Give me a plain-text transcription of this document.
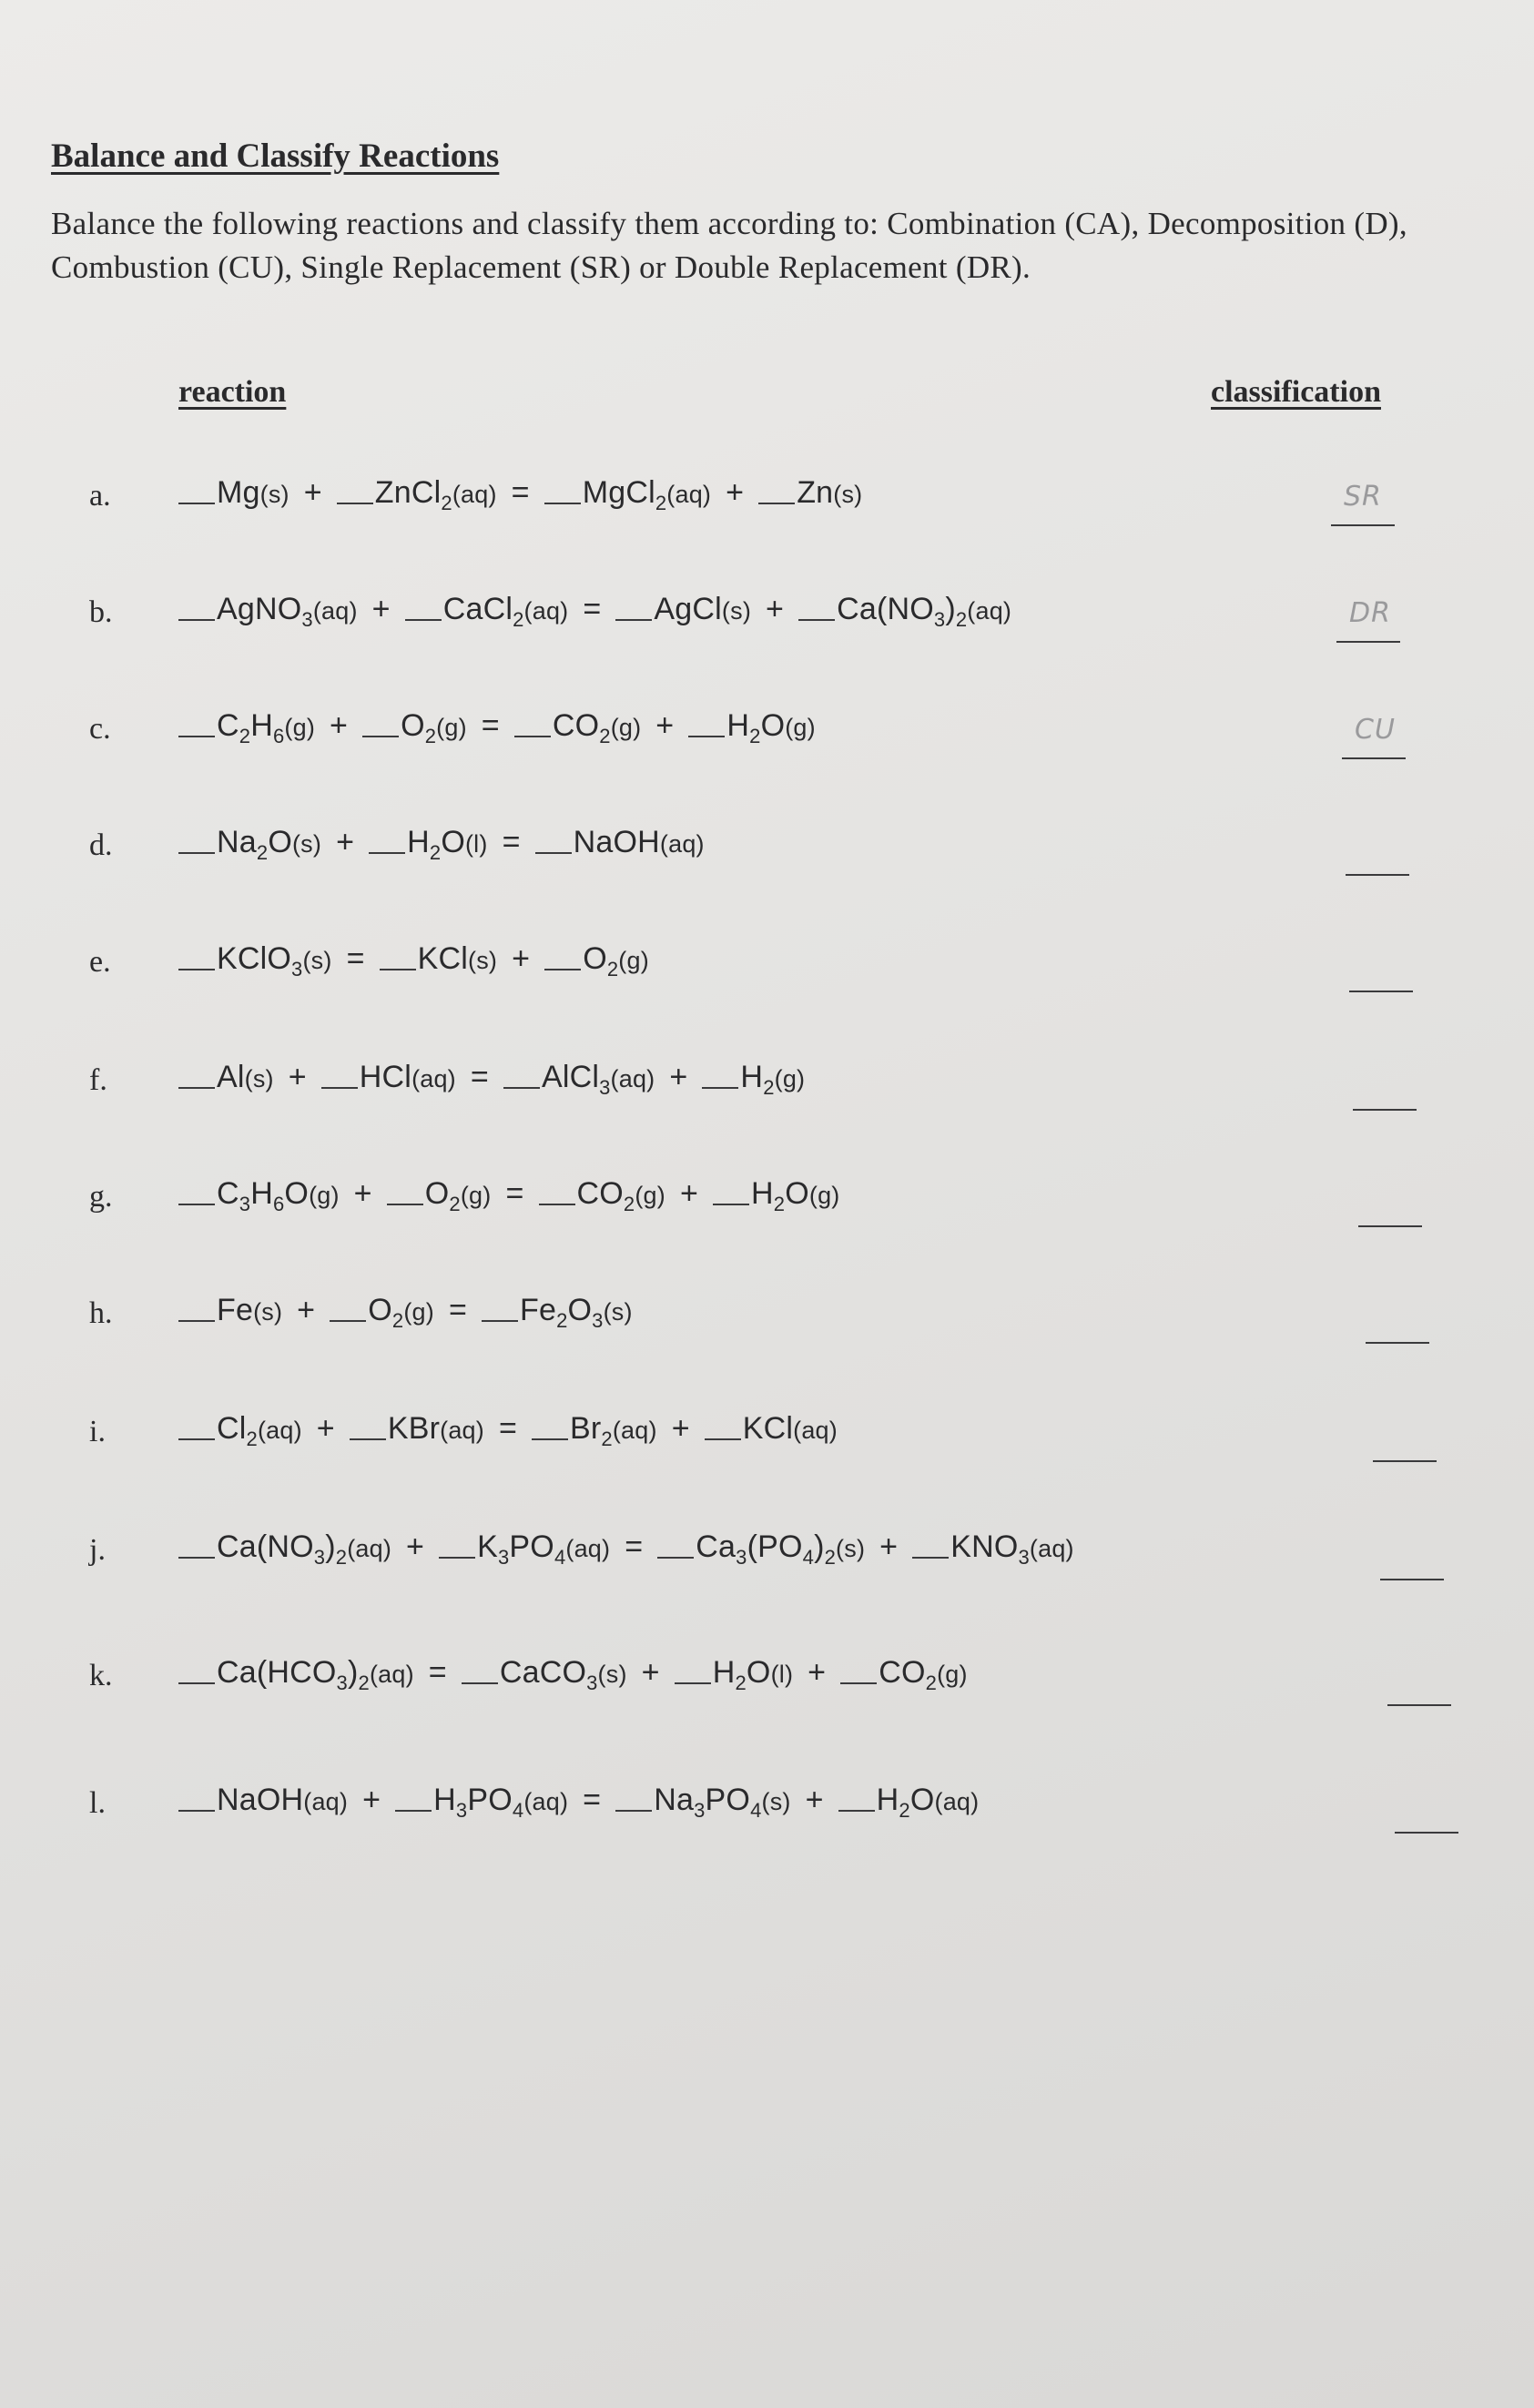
Balance and Classify Reactions
Balance the following reactions and classify them according to: Combination (CA), Decomposition (D), Combustion (CU), Single Replacement (SR) or Double Replacement (DR).
reaction	classification
a.	Mg(s) + ZnCl$_2$(aq) = MgCl$_2$(aq) + Zn(s)	SR
b.	AgNO$_3$(aq) + CaCl$_2$(aq) = AgCl(s) + $Ca(NO_3)_2(aq)$	DR
c.	$C_2H_6(g) + O_2(g) = CO_2(g) + H_2O(g)$	CU
d.	$Na_2O(s) + H_2O(l)$ = NaOH(aq)
e.	KClO$_3$(s) = $KCl(s) + O_2(g)$
f.	Al(s) + HCl(aq) = AlCl$_3$(aq) + $H_2(g)$
g.	$C_3H_6O(g) + O_2(g) = CO_2(g) + H_2O(g)$
h.	$Fe(s) + O_2(g) = Fe_2O_3(s)$
i.	$Cl_2(aq) + KBr(aq) = Br_2(aq) + KCl(aq)$
j.	$Ca(NO_3)_2(aq) + K_3PO_4(aq) = Ca_3(PO_4)_2(s) + KNO_3(aq)$
k.	$Ca(HCO_3)_2(aq)$ = CaCO$_3$(s) + $H_2O(l) + CO_2(g)$
l.	NaOH(aq) + $H_3PO_4(aq) = Na_3PO_4(s) + H_2O(aq)$
